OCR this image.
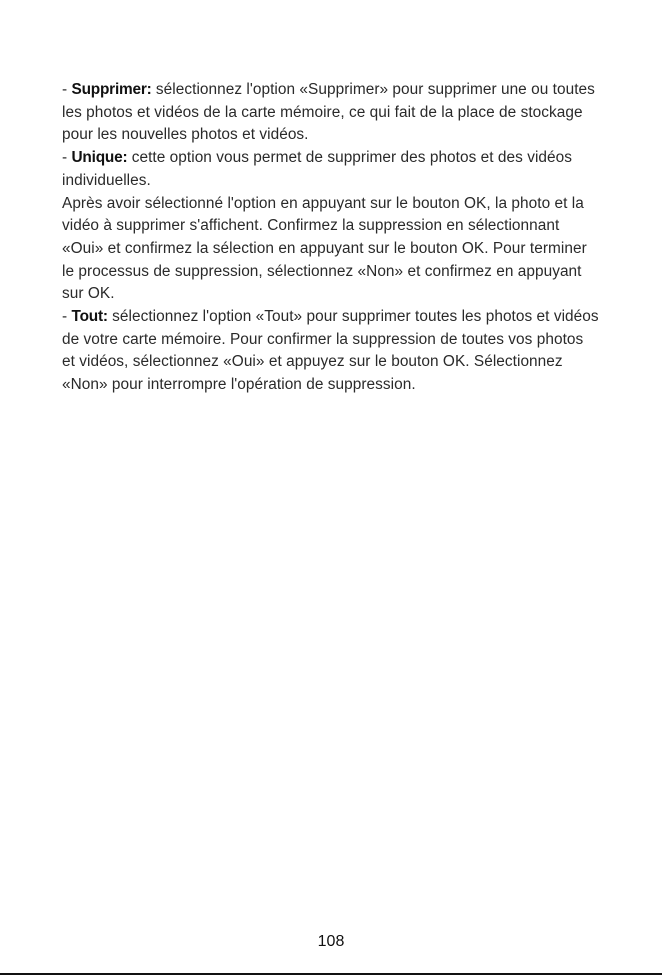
- Supprimer: sélectionnez l'option «Supprimer» pour supprimer une ou toutes
les photos et vidéos de la carte mémoire, ce qui fait de la place de stockage
pour les nouvelles photos et vidéos.
- Unique: cette option vous permet de supprimer des photos et des vidéos
individuelles.
Après avoir sélectionné l'option en appuyant sur le bouton OK, la photo et la
vidéo à supprimer s'affichent. Confirmez la suppression en sélectionnant
«Oui» et confirmez la sélection en appuyant sur le bouton OK. Pour terminer
le processus de suppression, sélectionnez «Non» et confirmez en appuyant
sur OK.
- Tout: sélectionnez l'option «Tout» pour supprimer toutes les photos et vidéos
de votre carte mémoire. Pour confirmer la suppression de toutes vos photos
et vidéos, sélectionnez «Oui» et appuyez sur le bouton OK. Sélectionnez
«Non» pour interrompre l'opération de suppression.
108
